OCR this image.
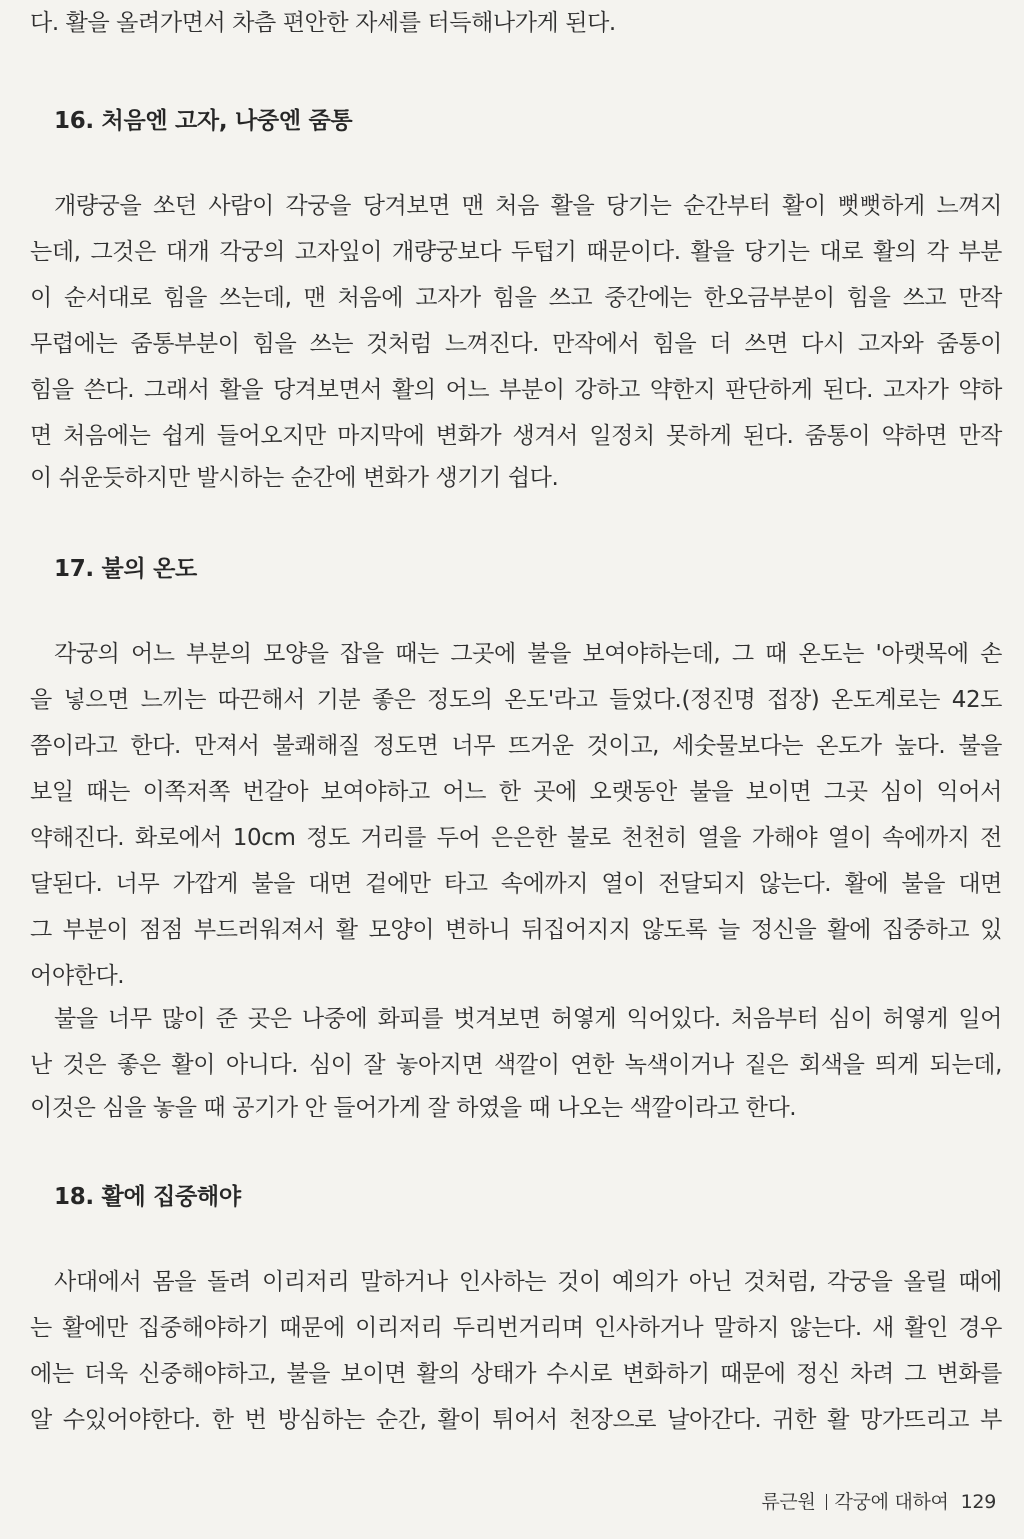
다. 활을 올려가면서 차츰 편안한 자세를 터득해나가게 된다.
16. 처음엔 고자, 나중엔 줌통
개량궁을 쏘던 사람이 각궁을 당겨보면 맨 처음 활을 당기는 순간부터 활이 뻣뻣하게 느껴지
는데, 그것은 대개 각궁의 고자잎이 개량궁보다 두텁기 때문이다. 활을 당기는 대로 활의 각 부분
이 순서대로 힘을 쓰는데, 맨 처음에 고자가 힘을 쓰고 중간에는 한오금부분이 힘을 쓰고 만작
무렵에는 줌통부분이 힘을 쓰는 것처럼 느껴진다. 만작에서 힘을 더 쓰면 다시 고자와 줌통이
힘을 쓴다. 그래서 활을 당겨보면서 활의 어느 부분이 강하고 약한지 판단하게 된다. 고자가 약하
면 처음에는 쉽게 들어오지만 마지막에 변화가 생겨서 일정치 못하게 된다. 줌통이 약하면 만작
이 쉬운듯하지만 발시하는 순간에 변화가 생기기 쉽다.
17. 불의 온도
각궁의 어느 부분의 모양을 잡을 때는 그곳에 불을 보여야하는데, 그 때 온도는 '아랫목에 손
을 넣으면 느끼는 따끈해서 기분 좋은 정도의 온도'라고 들었다.(정진명 접장) 온도계로는 42도
쯤이라고 한다. 만져서 불쾌해질 정도면 너무 뜨거운 것이고, 세숫물보다는 온도가 높다. 불을
보일 때는 이쪽저쪽 번갈아 보여야하고 어느 한 곳에 오랫동안 불을 보이면 그곳 심이 익어서
약해진다. 화로에서 10cm 정도 거리를 두어 은은한 불로 천천히 열을 가해야 열이 속에까지 전
달된다. 너무 가깝게 불을 대면 겉에만 타고 속에까지 열이 전달되지 않는다. 활에 불을 대면
그 부분이 점점 부드러워져서 활 모양이 변하니 뒤집어지지 않도록 늘 정신을 활에 집중하고 있
어야한다.
불을 너무 많이 준 곳은 나중에 화피를 벗겨보면 허옇게 익어있다. 처음부터 심이 허옇게 일어
난 것은 좋은 활이 아니다. 심이 잘 놓아지면 색깔이 연한 녹색이거나 짙은 회색을 띄게 되는데,
이것은 심을 놓을 때 공기가 안 들어가게 잘 하였을 때 나오는 색깔이라고 한다.
18. 활에 집중해야
사대에서 몸을 돌려 이리저리 말하거나 인사하는 것이 예의가 아닌 것처럼, 각궁을 올릴 때에
는 활에만 집중해야하기 때문에 이리저리 두리번거리며 인사하거나 말하지 않는다. 새 활인 경우
에는 더욱 신중해야하고, 불을 보이면 활의 상태가 수시로 변화하기 때문에 정신 차려 그 변화를
알 수있어야한다. 한 번 방심하는 순간, 활이 튀어서 천장으로 날아간다. 귀한 활 망가뜨리고 부
류근원 각궁에 대하여 129
